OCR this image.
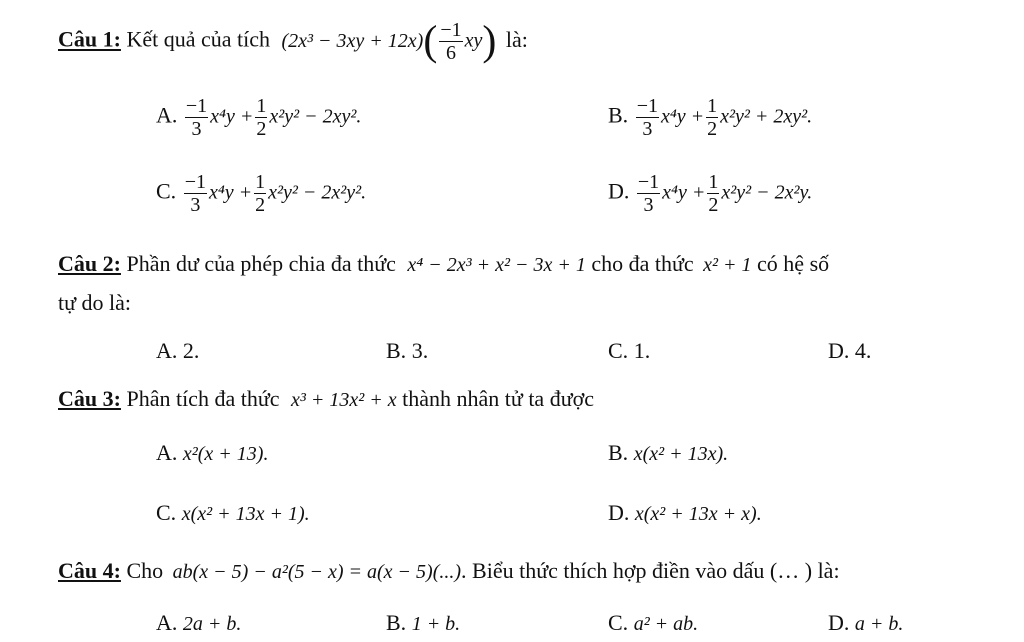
Câu 1: Kết quả của tích $(2x^3 - 3xy + 12x)( \frac{-1}{6} xy)$ là:
A. $\frac{-1}{3} x^4y + \frac{1}{2} x^2y^2 - 2xy^2$.	B. $\frac{-1}{3} x^4y + \frac{1}{2} x^2y^2 + 2xy^2$.
C. $\frac{-1}{3} x^4y + \frac{1}{2} x^2y^2 - 2x^2y^2$.	D. $\frac{-1}{3} x^4y + \frac{1}{2} x^2y^2 - 2x^2y$.
Câu 2: Phần dư của phép chia đa thức x⁴ − 2x³ + x² − 3x + 1 cho đa thức x² + 1 có hệ số
tự do là:
A. 2.	B. 3.	C. 1.	D. 4.
Câu 3: Phân tích đa thức x³ + 13x² + x thành nhân tử ta được
A. x²(x + 13).	B. x(x² + 13x).
C. x(x² + 13x + 1).	D. x(x² + 13x + x).
Câu 4: Cho ab(x − 5) − a²(5 − x) = a(x − 5)(...). Biểu thức thích hợp điền vào dấu (… ) là:
A. 2a + b.	B. 1 + b.	C. a² + ab.	D. a + b.
